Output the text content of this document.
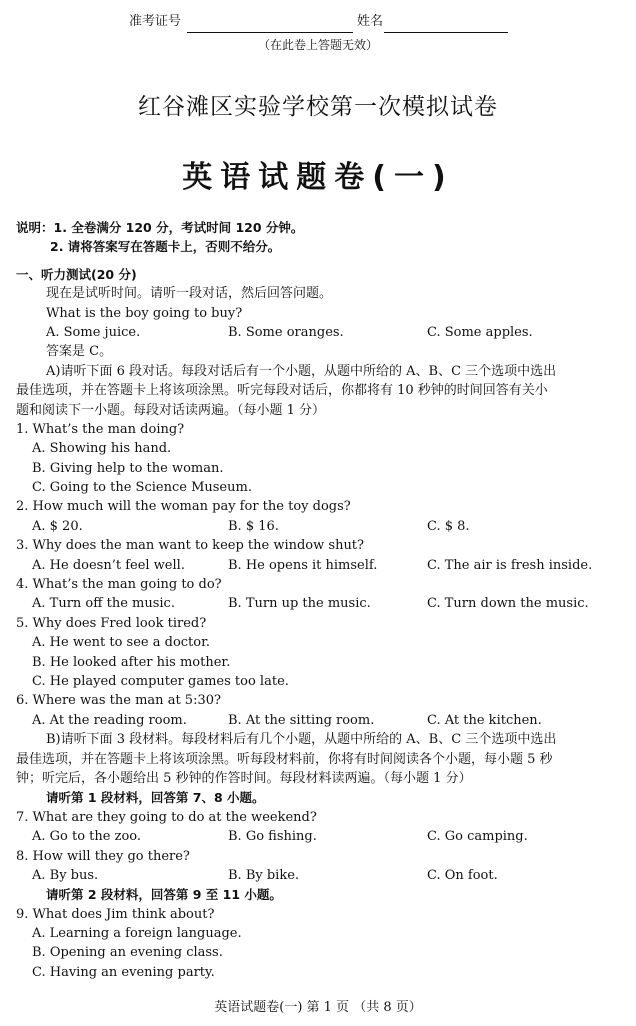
准考证号	姓名
（在此卷上答题无效）
红谷滩区实验学校第一次模拟试卷
英语试题卷(一)
说明：1. 全卷满分 120 分，考试时间 120 分钟。
2. 请将答案写在答题卡上，否则不给分。
一、听力测试(20 分)
现在是试听时间。请听一段对话，然后回答问题。
What is the boy going to buy?
A. Some juice.	B. Some oranges.	C. Some apples.
答案是 C。
A)请听下面 6 段对话。每段对话后有一个小题，从题中所给的 A、B、C 三个选项中选出
最佳选项，并在答题卡上将该项涂黑。听完每段对话后，你都将有 10 秒钟的时间回答有关小
题和阅读下一小题。每段对话读两遍。（每小题 1 分）
1. What’s the man doing?
A. Showing his hand.
B. Giving help to the woman.
C. Going to the Science Museum.
2. How much will the woman pay for the toy dogs?
A. $ 20.	B. $ 16.	C. $ 8.
3. Why does the man want to keep the window shut?
A. He doesn’t feel well.	B. He opens it himself.	C. The air is fresh inside.
4. What’s the man going to do?
A. Turn off the music.	B. Turn up the music.	C. Turn down the music.
5. Why does Fred look tired?
A. He went to see a doctor.
B. He looked after his mother.
C. He played computer games too late.
6. Where was the man at 5:30?
A. At the reading room.	B. At the sitting room.	C. At the kitchen.
B)请听下面 3 段材料。每段材料后有几个小题，从题中所给的 A、B、C 三个选项中选出
最佳选项，并在答题卡上将该项涂黑。听每段材料前，你将有时间阅读各个小题，每小题 5 秒
钟；听完后，各小题给出 5 秒钟的作答时间。每段材料读两遍。（每小题 1 分）
请听第 1 段材料，回答第 7、8 小题。
7. What are they going to do at the weekend?
A. Go to the zoo.	B. Go fishing.	C. Go camping.
8. How will they go there?
A. By bus.	B. By bike.	C. On foot.
请听第 2 段材料，回答第 9 至 11 小题。
9. What does Jim think about?
A. Learning a foreign language.
B. Opening an evening class.
C. Having an evening party.
英语试题卷(一) 第 1 页 （共 8 页）
